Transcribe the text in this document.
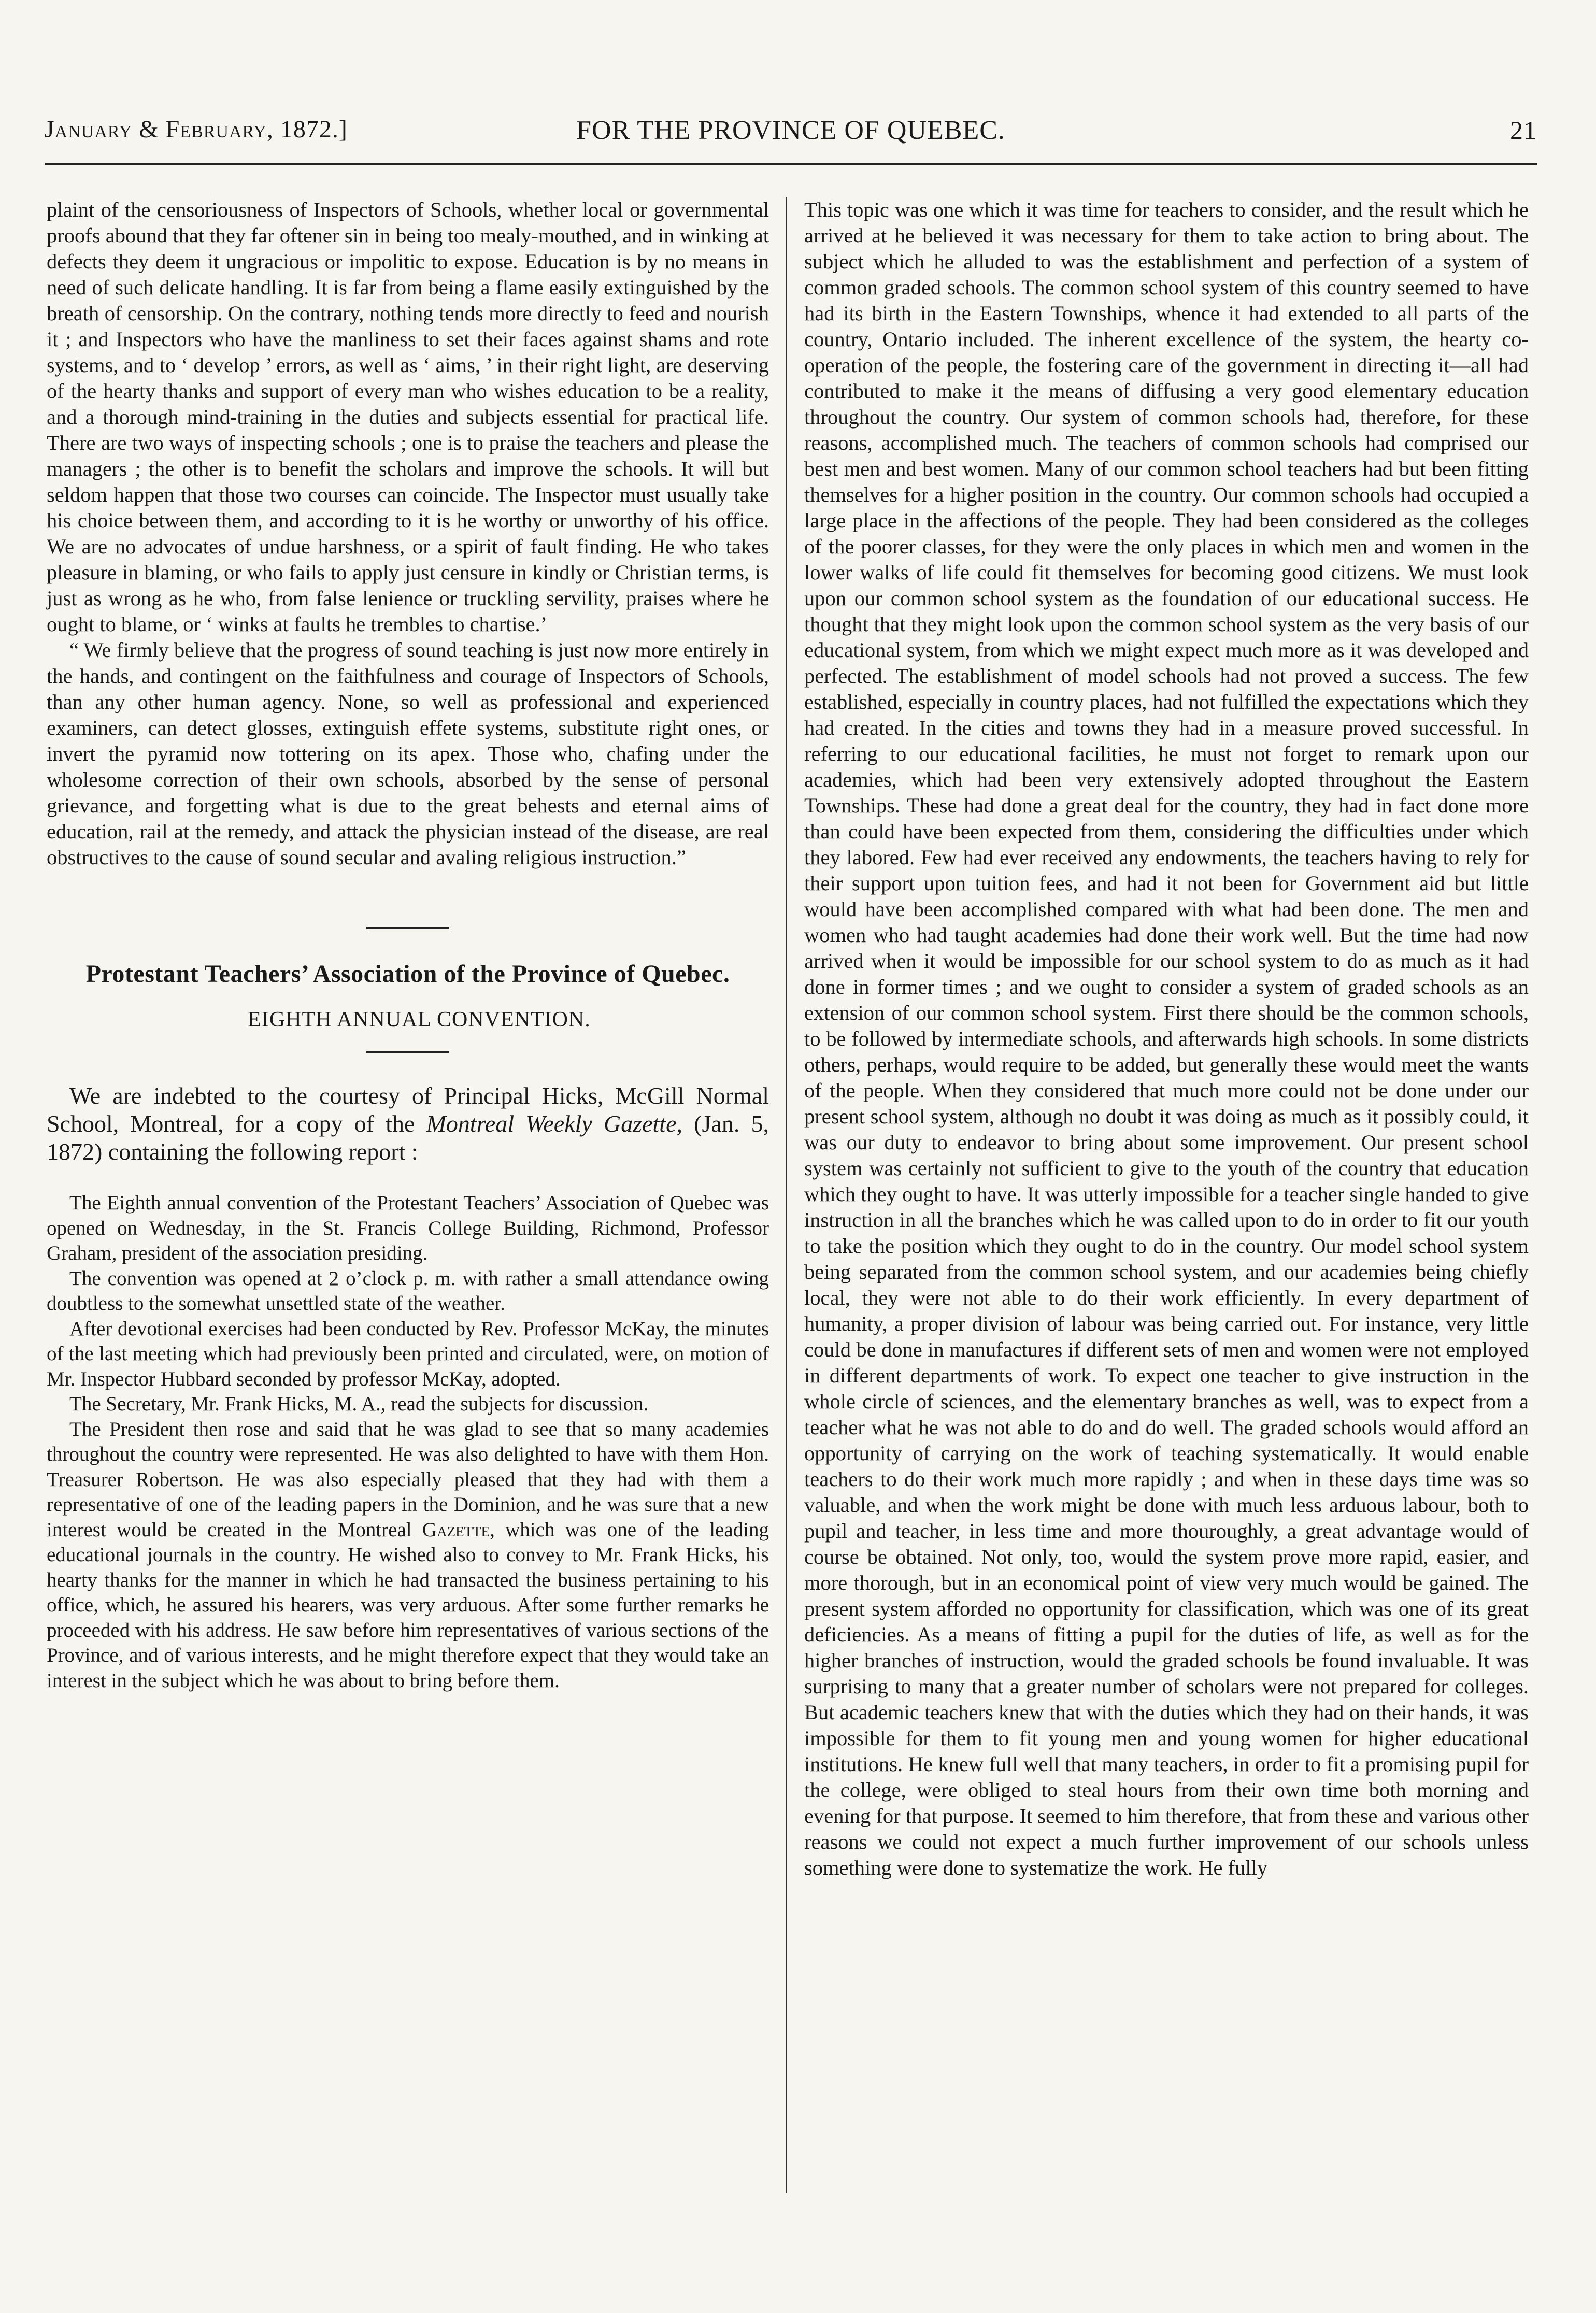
January & February, 1872.]	FOR THE PROVINCE OF QUEBEC.	21

plaint of the censoriousness of Inspectors of Schools, whether local or governmental proofs abound that they far oftener sin in being too mealy-mouthed, and in winking at defects they deem it ungracious or impolitic to expose. Education is by no means in need of such delicate handling. It is far from being a flame easily extinguished by the breath of censorship. On the contrary, nothing tends more directly to feed and nourish it ; and Inspectors who have the manliness to set their faces against shams and rote systems, and to ‘ develop ’ errors, as well as ‘ aims, ’ in their right light, are deserving of the hearty thanks and support of every man who wishes education to be a reality, and a thorough mind-training in the duties and subjects essential for practical life. There are two ways of inspecting schools ; one is to praise the teachers and please the managers ; the other is to benefit the scholars and improve the schools. It will but seldom happen that those two courses can coincide. The Inspector must usually take his choice between them, and according to it is he worthy or unworthy of his office. We are no advocates of undue harshness, or a spirit of fault finding. He who takes pleasure in blaming, or who fails to apply just censure in kindly or Christian terms, is just as wrong as he who, from false lenience or truckling servility, praises where he ought to blame, or ‘ winks at faults he trembles to chartise.’

“ We firmly believe that the progress of sound teaching is just now more entirely in the hands, and contingent on the faithfulness and courage of Inspectors of Schools, than any other human agency. None, so well as professional and experienced examiners, can detect glosses, extinguish effete systems, substitute right ones, or invert the pyramid now tottering on its apex. Those who, chafing under the wholesome correction of their own schools, absorbed by the sense of personal grievance, and forgetting what is due to the great behests and eternal aims of education, rail at the remedy, and attack the physician instead of the disease, are real obstructives to the cause of sound secular and avaling religious instruction.”

Protestant Teachers’ Association of the Province of Quebec.

EIGHTH ANNUAL CONVENTION.

We are indebted to the courtesy of Principal Hicks, McGill Normal School, Montreal, for a copy of the Montreal Weekly Gazette, (Jan. 5, 1872) containing the following report :

The Eighth annual convention of the Protestant Teachers’ Association of Quebec was opened on Wednesday, in the St. Francis College Building, Richmond, Professor Graham, president of the association presiding.

The convention was opened at 2 o’clock p. m. with rather a small attendance owing doubtless to the somewhat unsettled state of the weather.

After devotional exercises had been conducted by Rev. Professor McKay, the minutes of the last meeting which had previously been printed and circulated, were, on motion of Mr. Inspector Hubbard seconded by professor McKay, adopted.

The Secretary, Mr. Frank Hicks, M. A., read the subjects for discussion.

The President then rose and said that he was glad to see that so many academies throughout the country were represented. He was also delighted to have with them Hon. Treasurer Robertson. He was also especially pleased that they had with them a representative of one of the leading papers in the Dominion, and he was sure that a new interest would be created in the Montreal Gazette, which was one of the leading educational journals in the country. He wished also to convey to Mr. Frank Hicks, his hearty thanks for the manner in which he had transacted the business pertaining to his office, which, he assured his hearers, was very arduous. After some further remarks he proceeded with his address. He saw before him representatives of various sections of the Province, and of various interests, and he might therefore expect that they would take an interest in the subject which he was about to bring before them.

This topic was one which it was time for teachers to consider, and the result which he arrived at he believed it was necessary for them to take action to bring about. The subject which he alluded to was the establishment and perfection of a system of common graded schools. The common school system of this country seemed to have had its birth in the Eastern Townships, whence it had extended to all parts of the country, Ontario included. The inherent excellence of the system, the hearty co-operation of the people, the fostering care of the government in directing it—all had contributed to make it the means of diffusing a very good elementary education throughout the country. Our system of common schools had, therefore, for these reasons, accomplished much. The teachers of common schools had comprised our best men and best women. Many of our common school teachers had but been fitting themselves for a higher position in the country. Our common schools had occupied a large place in the affections of the people. They had been considered as the colleges of the poorer classes, for they were the only places in which men and women in the lower walks of life could fit themselves for becoming good citizens. We must look upon our common school system as the foundation of our educational success. He thought that they might look upon the common school system as the very basis of our educational system, from which we might expect much more as it was developed and perfected. The establishment of model schools had not proved a success. The few established, especially in country places, had not fulfilled the expectations which they had created. In the cities and towns they had in a measure proved successful. In referring to our educational facilities, he must not forget to remark upon our academies, which had been very extensively adopted throughout the Eastern Townships. These had done a great deal for the country, they had in fact done more than could have been expected from them, considering the difficulties under which they labored. Few had ever received any endowments, the teachers having to rely for their support upon tuition fees, and had it not been for Government aid but little would have been accomplished compared with what had been done. The men and women who had taught academies had done their work well. But the time had now arrived when it would be impossible for our school system to do as much as it had done in former times ; and we ought to consider a system of graded schools as an extension of our common school system. First there should be the common schools, to be followed by intermediate schools, and afterwards high schools. In some districts others, perhaps, would require to be added, but generally these would meet the wants of the people. When they considered that much more could not be done under our present school system, although no doubt it was doing as much as it possibly could, it was our duty to endeavor to bring about some improvement. Our present school system was certainly not sufficient to give to the youth of the country that education which they ought to have. It was utterly impossible for a teacher single handed to give instruction in all the branches which he was called upon to do in order to fit our youth to take the position which they ought to do in the country. Our model school system being separated from the common school system, and our academies being chiefly local, they were not able to do their work efficiently. In every department of humanity, a proper division of labour was being carried out. For instance, very little could be done in manufactures if different sets of men and women were not employed in different departments of work. To expect one teacher to give instruction in the whole circle of sciences, and the elementary branches as well, was to expect from a teacher what he was not able to do and do well. The graded schools would afford an opportunity of carrying on the work of teaching systematically. It would enable teachers to do their work much more rapidly ; and when in these days time was so valuable, and when the work might be done with much less arduous labour, both to pupil and teacher, in less time and more thouroughly, a great advantage would of course be obtained. Not only, too, would the system prove more rapid, easier, and more thorough, but in an economical point of view very much would be gained. The present system afforded no opportunity for classification, which was one of its great deficiencies. As a means of fitting a pupil for the duties of life, as well as for the higher branches of instruction, would the graded schools be found invaluable. It was surprising to many that a greater number of scholars were not prepared for colleges. But academic teachers knew that with the duties which they had on their hands, it was impossible for them to fit young men and young women for higher educational institutions. He knew full well that many teachers, in order to fit a promising pupil for the college, were obliged to steal hours from their own time both morning and evening for that purpose. It seemed to him therefore, that from these and various other reasons we could not expect a much further improvement of our schools unless something were done to systematize the work. He fully
